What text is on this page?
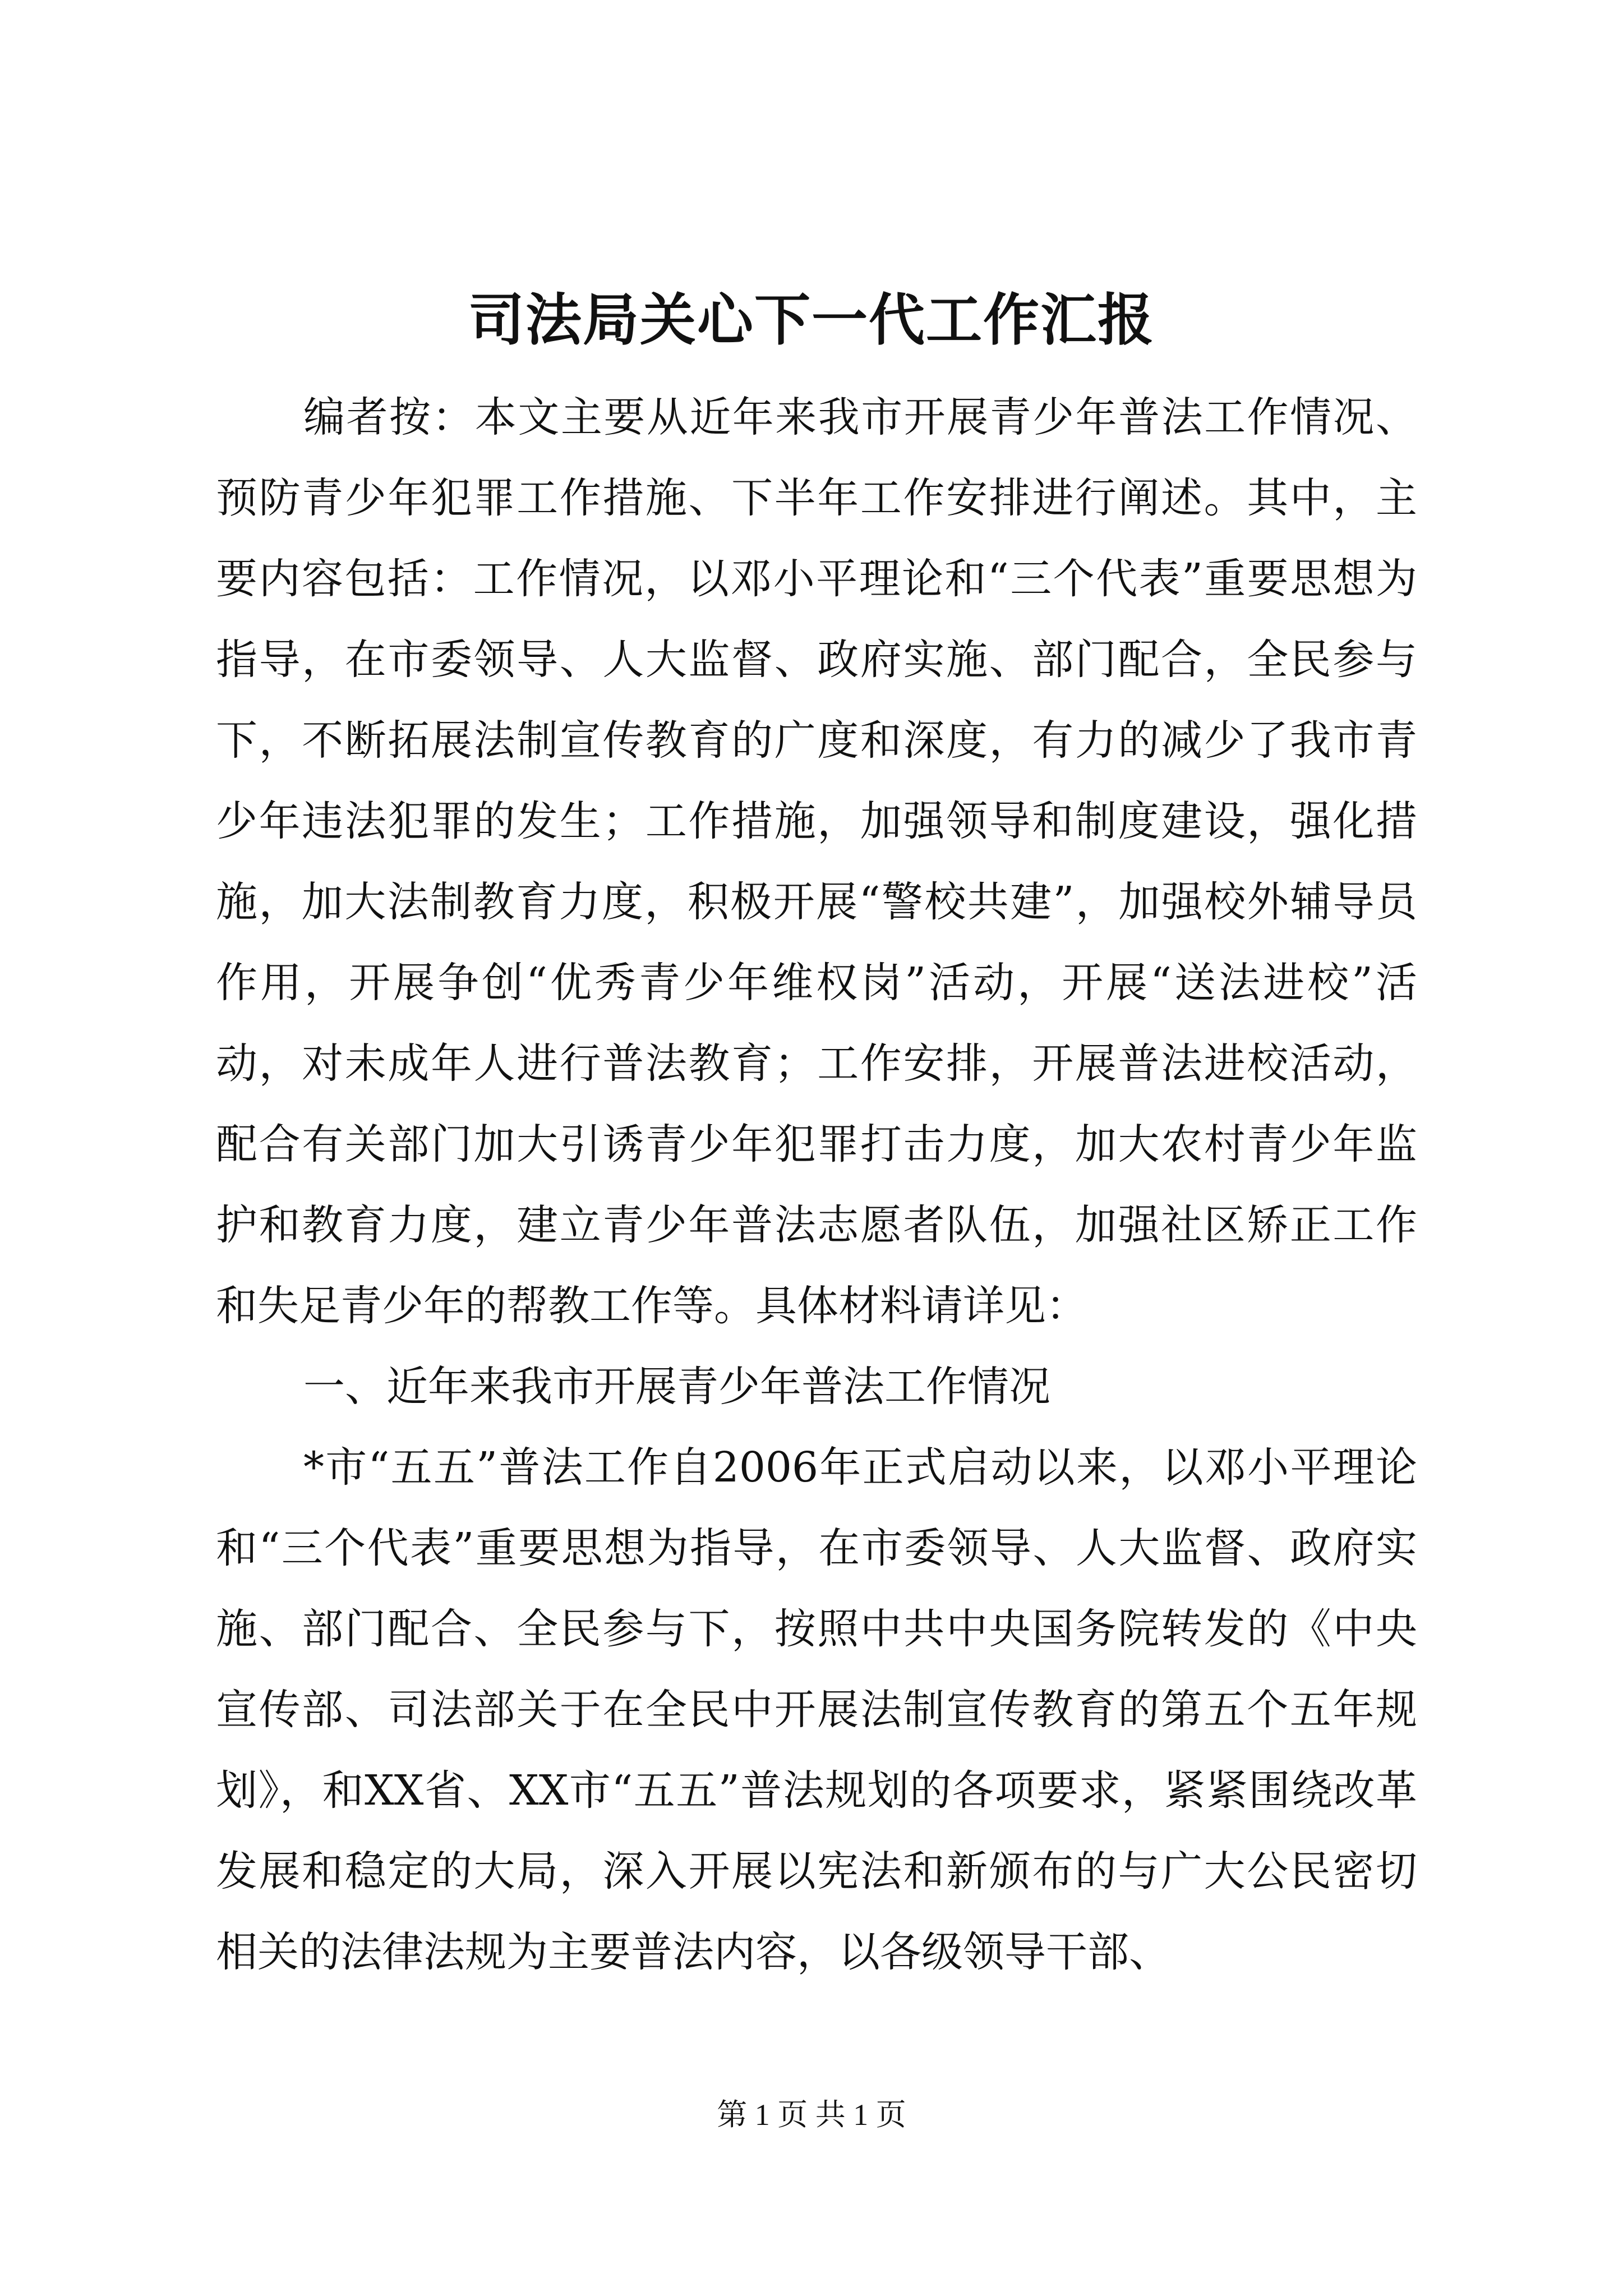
司法局关心下一代工作汇报

编者按：本文主要从近年来我市开展青少年普法工作情况、预防青少年犯罪工作措施、下半年工作安排进行阐述。其中，主要内容包括：工作情况，以邓小平理论和“三个代表”重要思想为指导，在市委领导、人大监督、政府实施、部门配合，全民参与下，不断拓展法制宣传教育的广度和深度，有力的减少了我市青少年违法犯罪的发生；工作措施，加强领导和制度建设，强化措施，加大法制教育力度，积极开展“警校共建”，加强校外辅导员作用，开展争创“优秀青少年维权岗”活动，开展“送法进校”活动，对未成年人进行普法教育；工作安排，开展普法进校活动，配合有关部门加大引诱青少年犯罪打击力度，加大农村青少年监护和教育力度，建立青少年普法志愿者队伍，加强社区矫正工作和失足青少年的帮教工作等。具体材料请详见：

一、近年来我市开展青少年普法工作情况

*市“五五”普法工作自2006年正式启动以来，以邓小平理论和“三个代表”重要思想为指导，在市委领导、人大监督、政府实施、部门配合、全民参与下，按照中共中央国务院转发的《中央宣传部、司法部关于在全民中开展法制宣传教育的第五个五年规划》，和XX省、XX市“五五”普法规划的各项要求，紧紧围绕改革发展和稳定的大局，深入开展以宪法和新颁布的与广大公民密切相关的法律法规为主要普法内容，以各级领导干部、

第 1 页 共 1 页
